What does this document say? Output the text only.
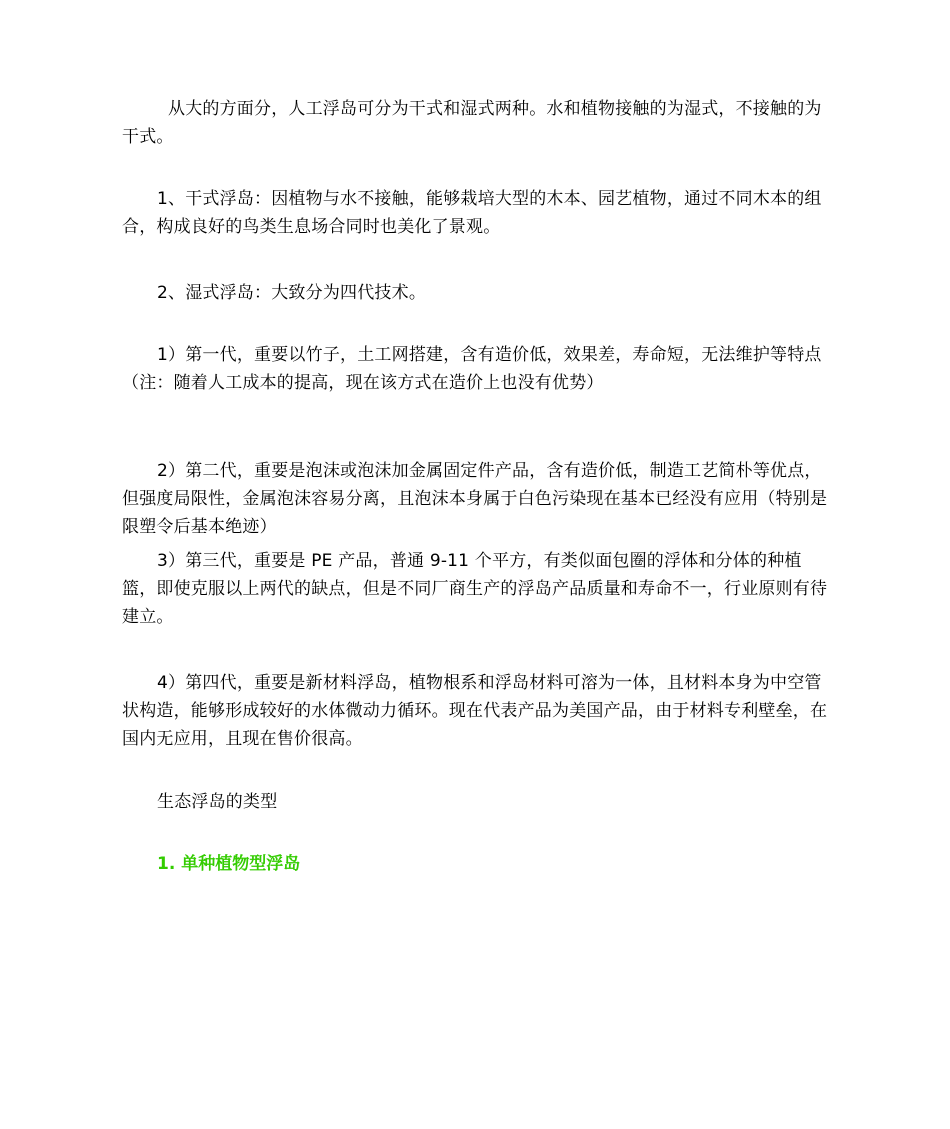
从大的方面分，人工浮岛可分为干式和湿式两种。水和植物接触的为湿式，不接触的为干式。

1、干式浮岛：因植物与水不接触，能够栽培大型的木本、园艺植物，通过不同木本的组合，构成良好的鸟类生息场合同时也美化了景观。

2、湿式浮岛：大致分为四代技术。

1）第一代，重要以竹子，土工网搭建，含有造价低，效果差，寿命短，无法维护等特点（注：随着人工成本的提高，现在该方式在造价上也没有优势）

2）第二代，重要是泡沫或泡沫加金属固定件产品，含有造价低，制造工艺简朴等优点，但强度局限性，金属泡沫容易分离，且泡沫本身属于白色污染现在基本已经没有应用（特别是限塑令后基本绝迹）

3）第三代，重要是 PE 产品，普通 9-11 个平方，有类似面包圈的浮体和分体的种植篮，即使克服以上两代的缺点，但是不同厂商生产的浮岛产品质量和寿命不一，行业原则有待建立。

4）第四代，重要是新材料浮岛，植物根系和浮岛材料可溶为一体，且材料本身为中空管状构造，能够形成较好的水体微动力循环。现在代表产品为美国产品，由于材料专利壁垒，在国内无应用，且现在售价很高。

生态浮岛的类型

1. 单种植物型浮岛
